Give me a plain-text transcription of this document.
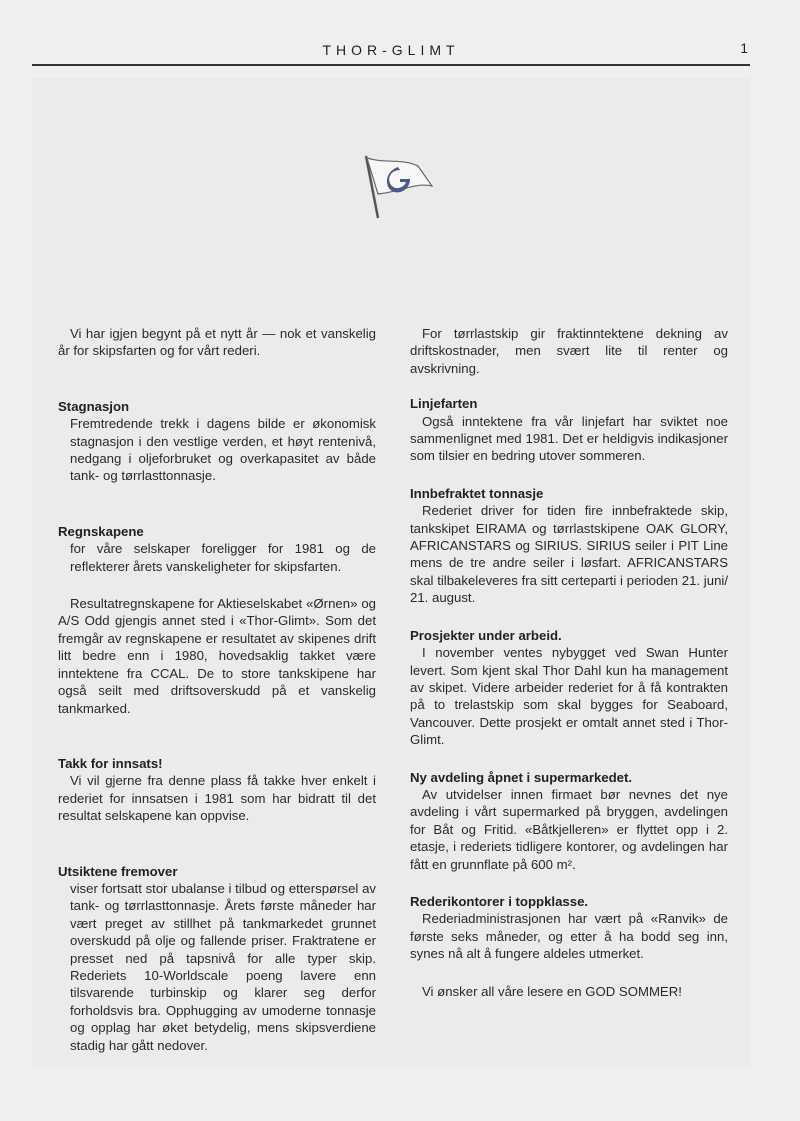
THOR-GLIMT	1

Vi har igjen begynt på et nytt år — nok et vanskelig år for skipsfarten og for vårt rederi.

Stagnasjon

Fremtredende trekk i dagens bilde er økonomisk stagnasjon i den vestlige verden, et høyt rentenivå, nedgang i oljeforbruket og overkapasitet av både tank- og tørrlasttonnasje.

Regnskapene

for våre selskaper foreligger for 1981 og de reflekterer årets vanskeligheter for skipsfarten.

Resultatregnskapene for Aktieselskabet «Ørnen» og A/S Odd gjengis annet sted i «Thor-Glimt». Som det fremgår av regnskapene er resultatet av skipenes drift litt bedre enn i 1980, hovedsaklig takket være inntektene fra CCAL. De to store tankskipene har også seilt med driftsoverskudd på et vanskelig tankmarked.

Takk for innsats!

Vi vil gjerne fra denne plass få takke hver enkelt i rederiet for innsatsen i 1981 som har bidratt til det resultat selskapene kan oppvise.

Utsiktene fremover

viser fortsatt stor ubalanse i tilbud og etterspørsel av tank- og tørrlasttonnasje. Årets første måneder har vært preget av stillhet på tankmarkedet grunnet overskudd på olje og fallende priser. Fraktratene er presset ned på tapsnivå for alle typer skip. Rederiets 10-Worldscale poeng lavere enn tilsvarende turbinskip og klarer seg derfor forholdsvis bra. Opphugging av umoderne tonnasje og opplag har øket betydelig, mens skipsverdiene stadig har gått nedover.

For tørrlastskip gir fraktinntektene dekning av driftskostnader, men svært lite til renter og avskrivning.

Linjefarten

Også inntektene fra vår linjefart har sviktet noe sammenlignet med 1981. Det er heldigvis indikasjoner som tilsier en bedring utover sommeren.

Innbefraktet tonnasje

Rederiet driver for tiden fire innbefraktede skip, tankskipet EIRAMA og tørrlastskipene OAK GLORY, AFRICANSTARS og SIRIUS. SIRIUS seiler i PIT Line mens de tre andre seiler i løsfart. AFRICANSTARS skal tilbakeleveres fra sitt certeparti i perioden 21. juni/ 21. august.

Prosjekter under arbeid.

I november ventes nybygget ved Swan Hunter levert. Som kjent skal Thor Dahl kun ha management av skipet. Videre arbeider rederiet for å få kontrakten på to trelastskip som skal bygges for Seaboard, Vancouver. Dette prosjekt er omtalt annet sted i Thor-Glimt.

Ny avdeling åpnet i supermarkedet.

Av utvidelser innen firmaet bør nevnes det nye avdeling i vårt supermarked på bryggen, avdelingen for Båt og Fritid. «Båtkjelleren» er flyttet opp i 2. etasje, i rederiets tidligere kontorer, og avdelingen har fått en grunnflate på 600 m².

Rederikontorer i toppklasse.

Rederiadministrasjonen har vært på «Ranvik» de første seks måneder, og etter å ha bodd seg inn, synes nå alt å fungere aldeles utmerket.

Vi ønsker all våre lesere en GOD SOMMER!
